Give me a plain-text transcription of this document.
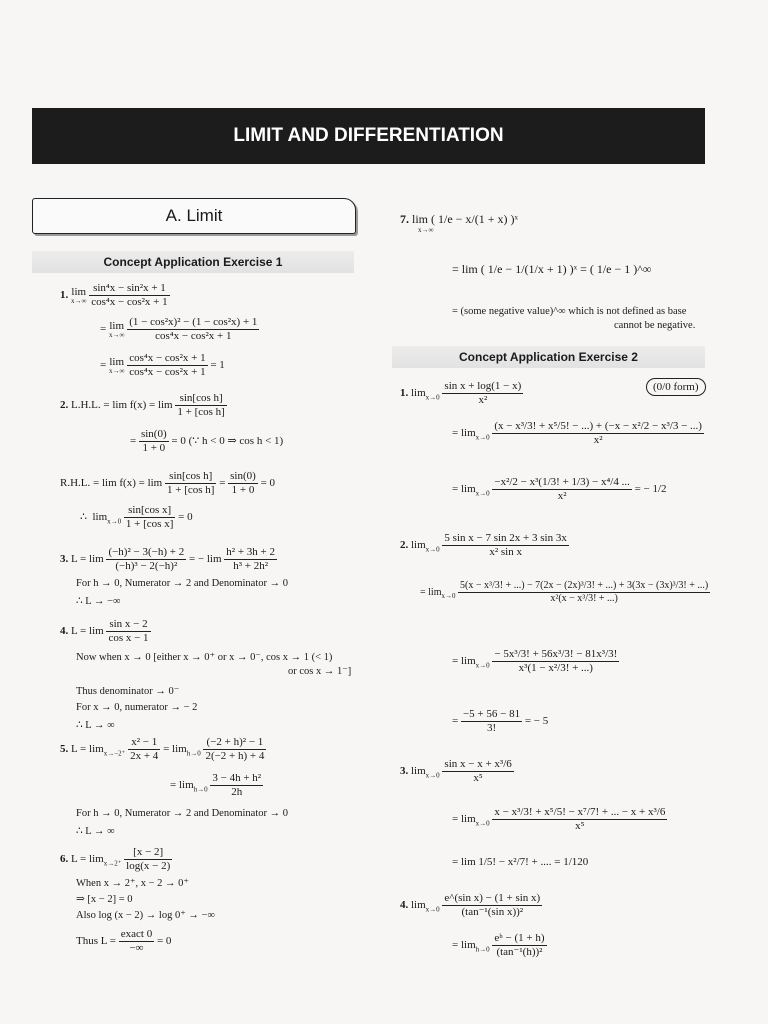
LIMIT AND DIFFERENTIATION
A. Limit
Concept Application Exercise 1
1. lim
x→∞
$\frac{\text{sin⁴x − sin²x + 1}}{\text{cos⁴x − cos²x + 1}}$
= lim
x→∞
$\frac{\text{(1 − cos²x)² − (1 − cos²x) + 1}}{\text{cos⁴x − cos²x + 1}}$
= lim
x→∞
$\frac{\text{cos⁴x − cos²x + 1}}{\text{cos⁴x − cos²x + 1}} = 1$
2. L.H.L. = $\lim f(x) = \lim \frac{\text{sin[cos h]}}{\text{1 + [cos h]}}$
= $\frac{\sin(0)}{1 + 0} = 0$ (∵ h < 0 ⇒ cos h < 1)
R.H.L. = $\lim f(x) = \lim \frac{\text{sin[cos h]}}{\text{1 + [cos h]}} = \frac{\sin(0)}{1 + 0} = 0$
∴  $\lim_{x\to 0} \frac{\text{sin[cos x]}}{\text{1 + [cos x]}} = 0$
3. $L = \lim \frac{\text{(−h)² − 3(−h) + 2}}{\text{(−h)³ − 2(−h)²}}$ = − $\lim \frac{\text{h² + 3h + 2}}{\text{h³ + 2h²}}$
For h → 0, Numerator → 2 and Denominator → 0
∴ L → −∞
4. $L = \lim \frac{\text{sin x − 2}}{\text{cos x − 1}}$
Now when x → 0 [either x → 0⁺ or x → 0⁻, cos x → 1 (< 1)
or cos x → 1⁻]
Thus denominator → 0⁻
For x → 0, numerator → − 2
∴ L → ∞
5. $L = \lim_{x\to-2^+} \frac{\text{x² − 1}}{2x + 4} = \lim_{h\to 0} \frac{\text{(−2 + h)² − 1}}{2(-2 + h) + 4}$
= $\lim_{h\to 0} \frac{\text{3 − 4h + h²}}{2h}$
For h → 0, Numerator → 2 and Denominator → 0
∴ L → ∞
6. $L = \lim_{x\to 2^+} \frac{[x - 2]}{\log(x - 2)}$
When x → 2⁺, x − 2 → 0⁺
⇒ [x − 2] = 0
Also log (x − 2) → log 0⁺ → −∞
Thus $L = \frac{\text{exact 0}}{-\infty} = 0$
7. lim ( 1/e − x/(1 + x) )ˣ
x→∞
= lim ( 1/e − 1/(1/x + 1) )ˣ = ( 1/e − 1 )^∞
= (some negative value)^∞ which is not defined as base
cannot be negative.
Concept Application Exercise 2
1. $\lim_{x\to 0} \frac{\text{sin x + log(1 − x)}}{\text{x²}}$	(0/0 form)
= $\lim_{x\to 0} \frac{\text{(x − x³/3! + x⁵/5! − ...) + (−x − x²/2 − x³/3 − ...)}}{\text{x²}}$
= $\lim_{x\to 0} \frac{\text{−x²/2 − x³(1/3! + 1/3) − x⁴/4 ...}}{\text{x²}}$ = − 1/2
2. $\lim_{x\to 0} \frac{\text{5 sin x − 7 sin 2x + 3 sin 3x}}{\text{x² sin x}}$
= $\lim_{x\to 0}$
5(x − x³/3! + ...) − 7(2x − (2x)³/3! + ...) + 3(3x − (3x)³/3! + ...)
x²(x − x³/3! + ...)
= $\lim_{x\to 0} \frac{\text{− 5x³/3! + 56x³/3! − 81x³/3!}}{\text{x³(1 − x²/3! + ...)}}$
= $\frac{-5 + 56 - 81}{3!}$ = − 5
3. $\lim_{x\to 0} \frac{\text{sin x − x + x³/6}}{\text{x⁵}}$
= $\lim_{x\to 0} \frac{\text{x − x³/3! + x⁵/5! − x⁷/7! + ... − x + x³/6}}{\text{x⁵}}$
= lim 1/5! − x²/7! + .... = 1/120
4. $\lim_{x\to 0} \frac{\text{e\textasciicircum{}(sin x) − (1 + sin x)}}{\text{(tan⁻¹(sin x))²}}$
= $\lim_{h\to 0} \frac{\text{eʰ − (1 + h)}}{\text{(tan⁻¹(h))²}}$
